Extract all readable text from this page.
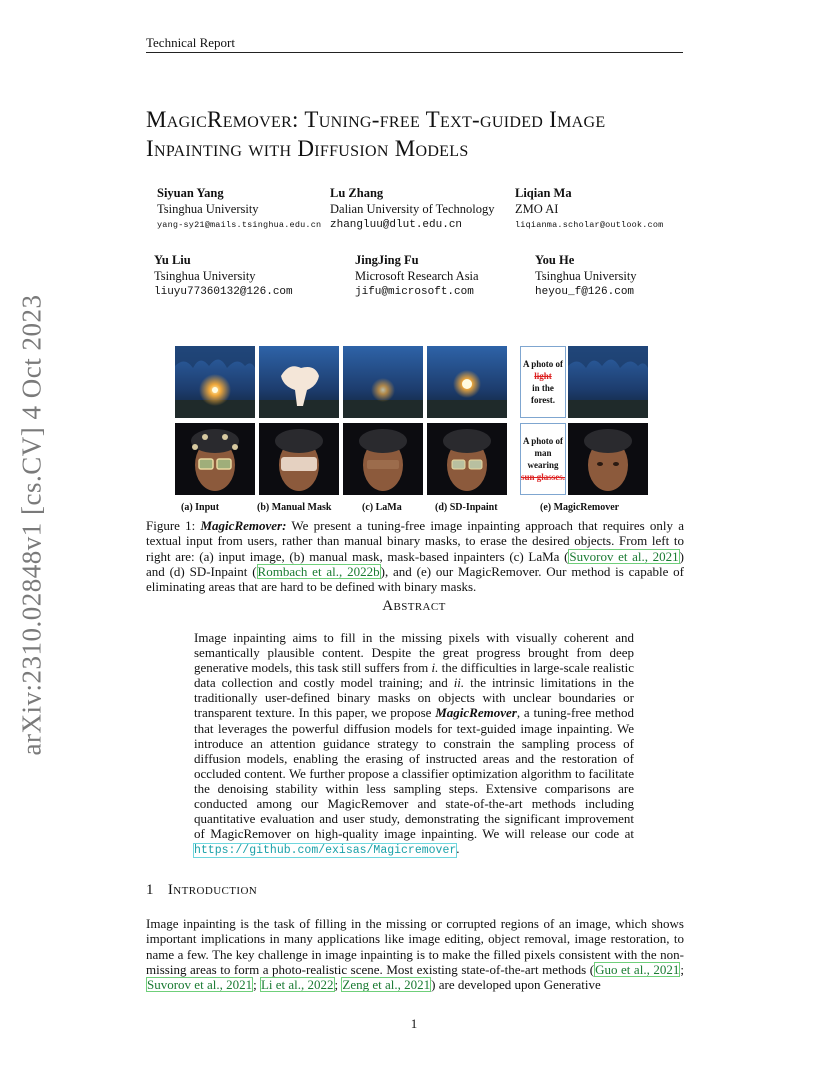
Technical Report
arXiv:2310.02848v1 [cs.CV] 4 Oct 2023
MagicRemover: Tuning-free Text-guided Image Inpainting with Diffusion Models
Siyuan Yang
Tsinghua University
yang-sy21@mails.tsinghua.edu.cn
Lu Zhang
Dalian University of Technology
zhangluu@dlut.edu.cn
Liqian Ma
ZMO AI
liqianma.scholar@outlook.com
Yu Liu
Tsinghua University
liuyu77360132@126.com
JingJing Fu
Microsoft Research Asia
jifu@microsoft.com
You He
Tsinghua University
heyou_f@126.com
A photo of
light
in the forest.
A photo of man wearing
sun glasses.
(a) Input	(b) Manual Mask	(c) LaMa	(d) SD-Inpaint	(e) MagicRemover
Figure 1: MagicRemover: We present a tuning-free image inpainting approach that requires only a textual input from users, rather than manual binary masks, to erase the desired objects. From left to right are: (a) input image, (b) manual mask, mask-based inpainters (c) LaMa (Suvorov et al., 2021) and (d) SD-Inpaint (Rombach et al., 2022b), and (e) our MagicRemover. Our method is capable of eliminating areas that are hard to be defined with binary masks.
Abstract
Image inpainting aims to fill in the missing pixels with visually coherent and semantically plausible content. Despite the great progress brought from deep generative models, this task still suffers from i. the difficulties in large-scale realistic data collection and costly model training; and ii. the intrinsic limitations in the traditionally user-defined binary masks on objects with unclear boundaries or transparent texture. In this paper, we propose MagicRemover, a tuning-free method that leverages the powerful diffusion models for text-guided image inpainting. We introduce an attention guidance strategy to constrain the sampling process of diffusion models, enabling the erasing of instructed areas and the restoration of occluded content. We further propose a classifier optimization algorithm to facilitate the denoising stability within less sampling steps. Extensive comparisons are conducted among our MagicRemover and state-of-the-art methods including quantitative evaluation and user study, demonstrating the significant improvement of MagicRemover on high-quality image inpainting. We will release our code at https://github.com/exisas/Magicremover.
1 Introduction
Image inpainting is the task of filling in the missing or corrupted regions of an image, which shows important implications in many applications like image editing, object removal, image restoration, to name a few. The key challenge in image inpainting is to make the filled pixels consistent with the non-missing areas to form a photo-realistic scene. Most existing state-of-the-art methods (Guo et al., 2021; Suvorov et al., 2021; Li et al., 2022; Zeng et al., 2021) are developed upon Generative
1
